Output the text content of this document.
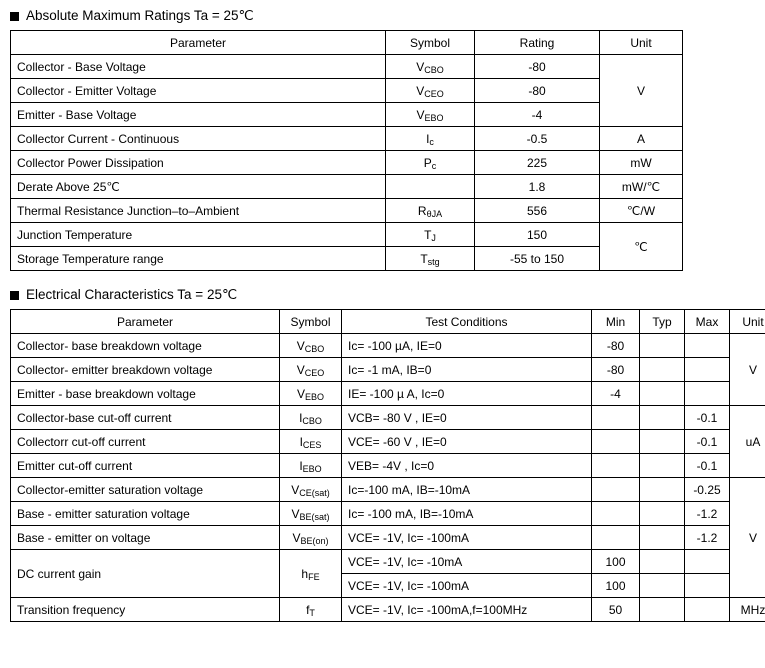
Absolute Maximum Ratings Ta = 25℃
Parameter	Symbol	Rating	Unit
Collector - Base Voltage	$V_{CBO}$	-80	V
Collector - Emitter Voltage	$V_{CEO}$	-80	
Emitter - Base Voltage	$V_{EBO}$	-4	
Collector Current - Continuous	$I_c$	-0.5	A
Collector Power Dissipation	$P_c$	225	mW
Derate Above 25℃		1.8	mW/℃
Thermal Resistance Junction–to–Ambient	$R_{\theta JA}$	556	℃/W
Junction Temperature	$T_J$	150	℃
Storage Temperature range	$T_{stg}$	-55 to 150	
Electrical Characteristics Ta = 25℃
Parameter	Symbol	Test Conditions	Min	Typ	Max	Unit
Collector- base breakdown voltage	$V_{CBO}$	Ic= -100 µA, IE=0	-80			V
Collector- emitter breakdown voltage	$V_{CEO}$	Ic= -1 mA, IB=0	-80			
Emitter - base breakdown voltage	$V_{EBO}$	IE= -100 µ A, Ic=0	-4			
Collector-base cut-off current	$I_{CBO}$	VCB= -80 V , IE=0			-0.1	uA
Collectorr cut-off current	$I_{CES}$	VCE= -60 V , IE=0			-0.1	
Emitter cut-off current	$I_{EBO}$	VEB= -4V , Ic=0			-0.1	
Collector-emitter saturation voltage	$V_{CE(sat)}$	Ic=-100 mA, IB=-10mA			-0.25	V
Base - emitter saturation voltage	$V_{BE(sat)}$	Ic= -100 mA, IB=-10mA			-1.2	
Base - emitter on voltage	$V_{BE(on)}$	VCE= -1V, Ic= -100mA			-1.2	
DC current gain	$h_{FE}$	VCE= -1V, Ic= -10mA	100			
		VCE= -1V, Ic= -100mA	100			
Transition frequency	$f_T$	VCE= -1V, Ic= -100mA,f=100MHz	50			MHz
